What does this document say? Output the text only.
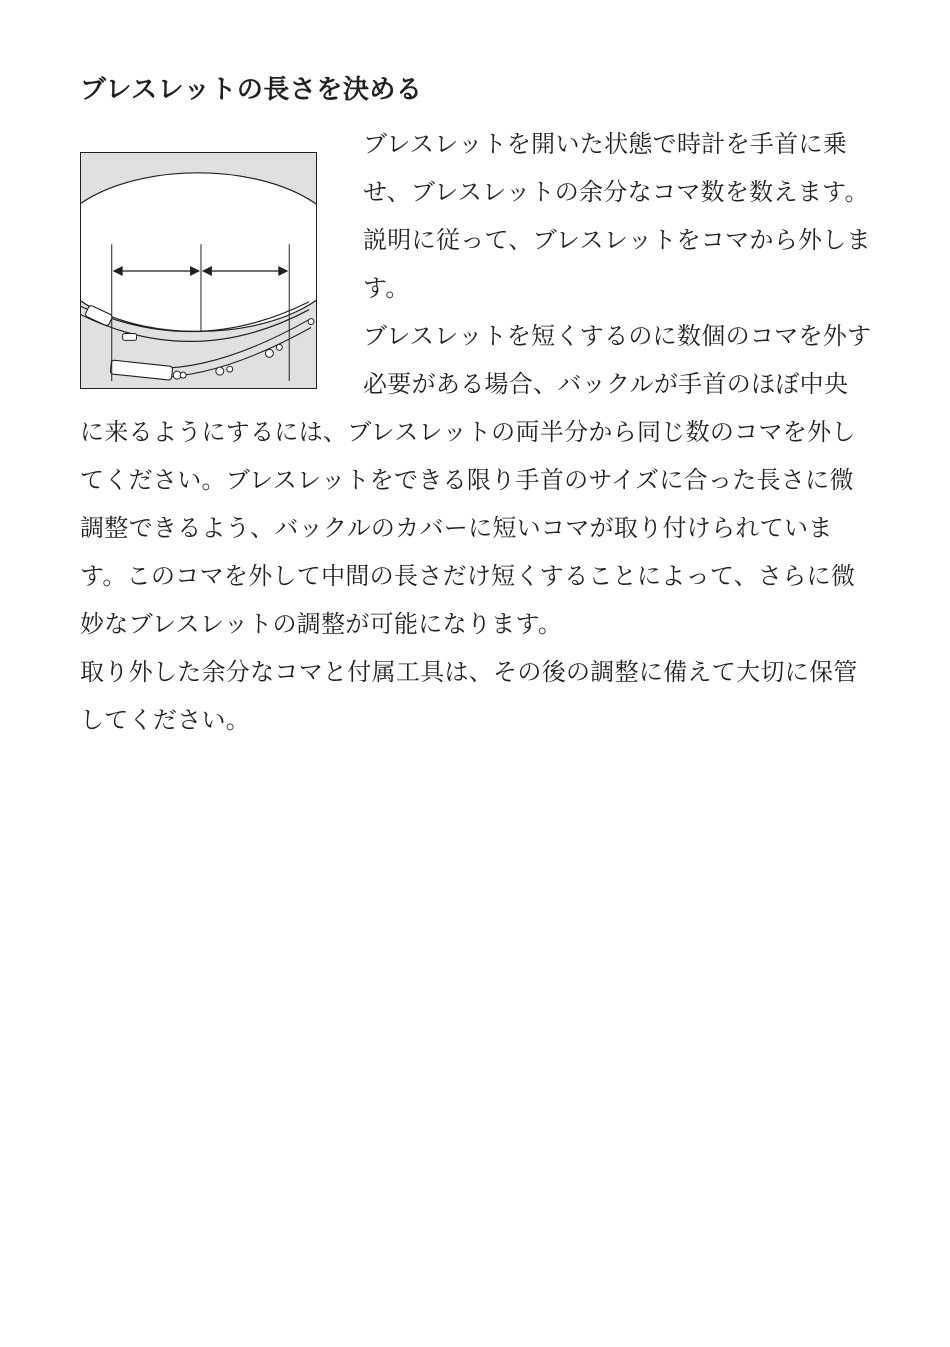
ブレスレットの長さを決める

ブレスレットを開いた状態で時計を手首に乗せ、ブレスレットの余分なコマ数を数えます。説明に従って、ブレスレットをコマから外します。

ブレスレットを短くするのに数個のコマを外す必要がある場合、バックルが手首のほぼ中央に来るようにするには、ブレスレットの両半分から同じ数のコマを外してください。ブレスレットをできる限り手首のサイズに合った長さに微調整できるよう、バックルのカバーに短いコマが取り付けられています。このコマを外して中間の長さだけ短くすることによって、さらに微妙なブレスレットの調整が可能になります。

取り外した余分なコマと付属工具は、その後の調整に備えて大切に保管してください。
